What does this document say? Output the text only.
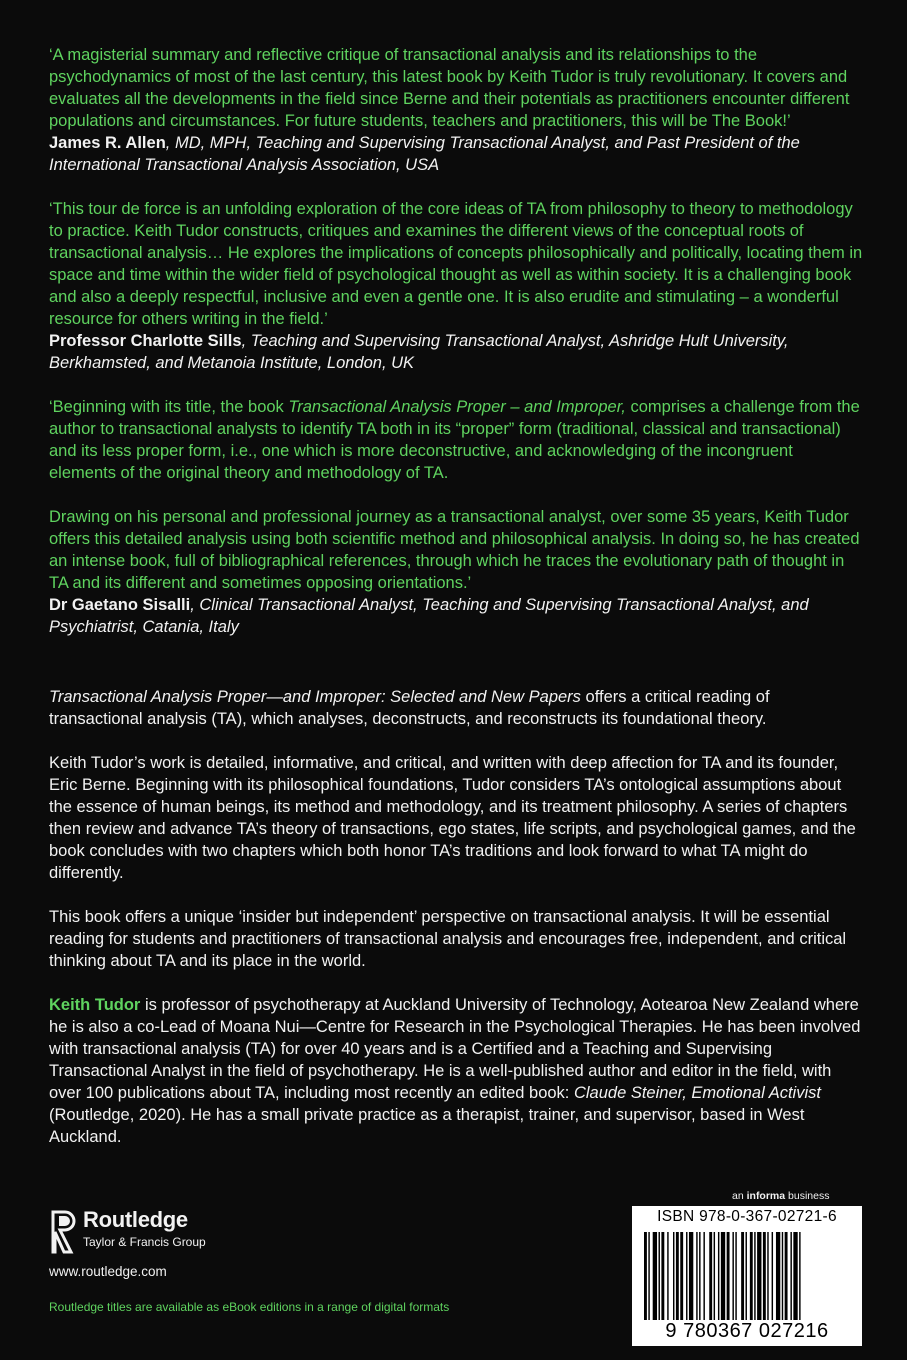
‘A magisterial summary and reflective critique of transactional analysis and its relationships to the psychodynamics of most of the last century, this latest book by Keith Tudor is truly revolutionary. It covers and evaluates all the developments in the field since Berne and their potentials as practitioners encounter different populations and circumstances. For future students, teachers and practitioners, this will be The Book!’

James R. Allen, MD, MPH, Teaching and Supervising Transactional Analyst, and Past President of the International Transactional Analysis Association, USA

‘This tour de force is an unfolding exploration of the core ideas of TA from philosophy to theory to methodology to practice. Keith Tudor constructs, critiques and examines the different views of the conceptual roots of transactional analysis… He explores the implications of concepts philosophically and politically, locating them in space and time within the wider field of psychological thought as well as within society. It is a challenging book and also a deeply respectful, inclusive and even a gentle one. It is also erudite and stimulating – a wonderful resource for others writing in the field.’

Professor Charlotte Sills, Teaching and Supervising Transactional Analyst, Ashridge Hult University, Berkhamsted, and Metanoia Institute, London, UK

‘Beginning with its title, the book Transactional Analysis Proper – and Improper, comprises a challenge from the author to transactional analysts to identify TA both in its “proper” form (traditional, classical and transactional) and its less proper form, i.e., one which is more deconstructive, and acknowledging of the incongruent elements of the original theory and methodology of TA.

Drawing on his personal and professional journey as a transactional analyst, over some 35 years, Keith Tudor offers this detailed analysis using both scientific method and philosophical analysis. In doing so, he has created an intense book, full of bibliographical references, through which he traces the evolutionary path of thought in TA and its different and sometimes opposing orientations.’

Dr Gaetano Sisalli, Clinical Transactional Analyst, Teaching and Supervising Transactional Analyst, and Psychiatrist, Catania, Italy

Transactional Analysis Proper—and Improper: Selected and New Papers offers a critical reading of transactional analysis (TA), which analyses, deconstructs, and reconstructs its foundational theory.

Keith Tudor’s work is detailed, informative, and critical, and written with deep affection for TA and its founder, Eric Berne. Beginning with its philosophical foundations, Tudor considers TA’s ontological assumptions about the essence of human beings, its method and methodology, and its treatment philosophy. A series of chapters then review and advance TA’s theory of transactions, ego states, life scripts, and psychological games, and the book concludes with two chapters which both honor TA’s traditions and look forward to what TA might do differently.

This book offers a unique ‘insider but independent’ perspective on transactional analysis. It will be essential reading for students and practitioners of transactional analysis and encourages free, independent, and critical thinking about TA and its place in the world.

Keith Tudor is professor of psychotherapy at Auckland University of Technology, Aotearoa New Zealand where he is also a co-Lead of Moana Nui—Centre for Research in the Psychological Therapies. He has been involved with transactional analysis (TA) for over 40 years and is a Certified and a Teaching and Supervising Transactional Analyst in the field of psychotherapy. He is a well-published author and editor in the field, with over 100 publications about TA, including most recently an edited book: Claude Steiner, Emotional Activist (Routledge, 2020). He has a small private practice as a therapist, trainer, and supervisor, based in West Auckland.

Routledge
Taylor & Francis Group
www.routledge.com
Routledge titles are available as eBook editions in a range of digital formats
an informa business
ISBN 978-0-367-02721-6
9 780367 027216
